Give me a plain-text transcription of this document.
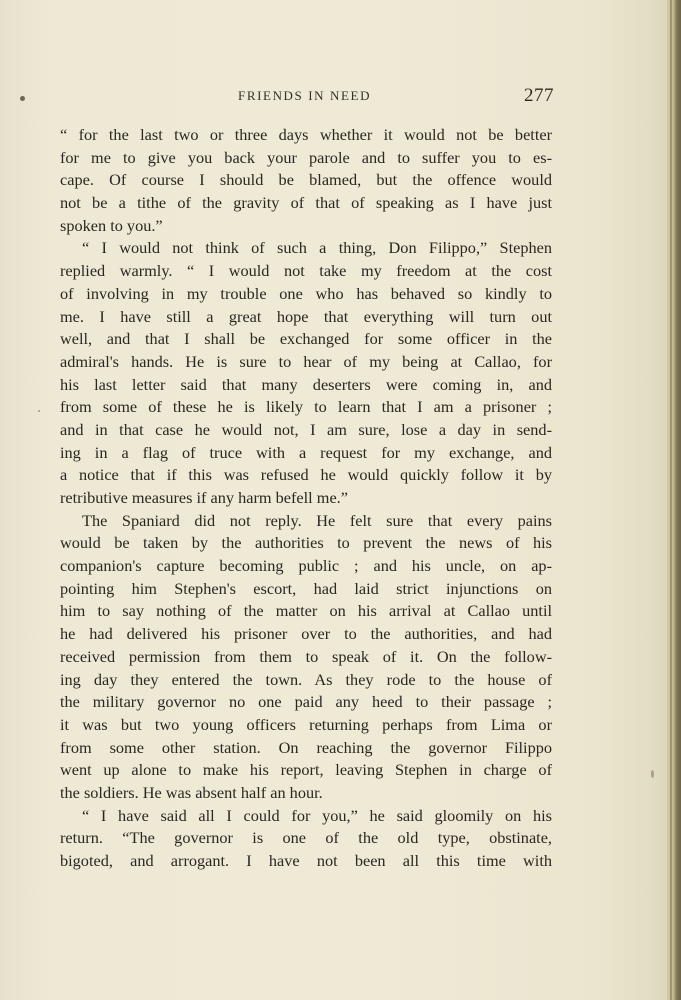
FRIENDS IN NEED	277
“ for the last two or three days whether it would not be better
for me to give you back your parole and to suffer you to es-
cape. Of course I should be blamed, but the offence would
not be a tithe of the gravity of that of speaking as I have just
spoken to you.”
“ I would not think of such a thing, Don Filippo,” Stephen
replied warmly. “ I would not take my freedom at the cost
of involving in my trouble one who has behaved so kindly to
me. I have still a great hope that everything will turn out
well, and that I shall be exchanged for some officer in the
admiral's hands. He is sure to hear of my being at Callao, for
his last letter said that many deserters were coming in, and
from some of these he is likely to learn that I am a prisoner ;
and in that case he would not, I am sure, lose a day in send-
ing in a flag of truce with a request for my exchange, and
a notice that if this was refused he would quickly follow it by
retributive measures if any harm befell me.”
The Spaniard did not reply. He felt sure that every pains
would be taken by the authorities to prevent the news of his
companion's capture becoming public ; and his uncle, on ap-
pointing him Stephen's escort, had laid strict injunctions on
him to say nothing of the matter on his arrival at Callao until
he had delivered his prisoner over to the authorities, and had
received permission from them to speak of it. On the follow-
ing day they entered the town. As they rode to the house of
the military governor no one paid any heed to their passage ;
it was but two young officers returning perhaps from Lima or
from some other station. On reaching the governor Filippo
went up alone to make his report, leaving Stephen in charge of
the soldiers. He was absent half an hour.
“ I have said all I could for you,” he said gloomily on his
return. “The governor is one of the old type, obstinate,
bigoted, and arrogant. I have not been all this time with
